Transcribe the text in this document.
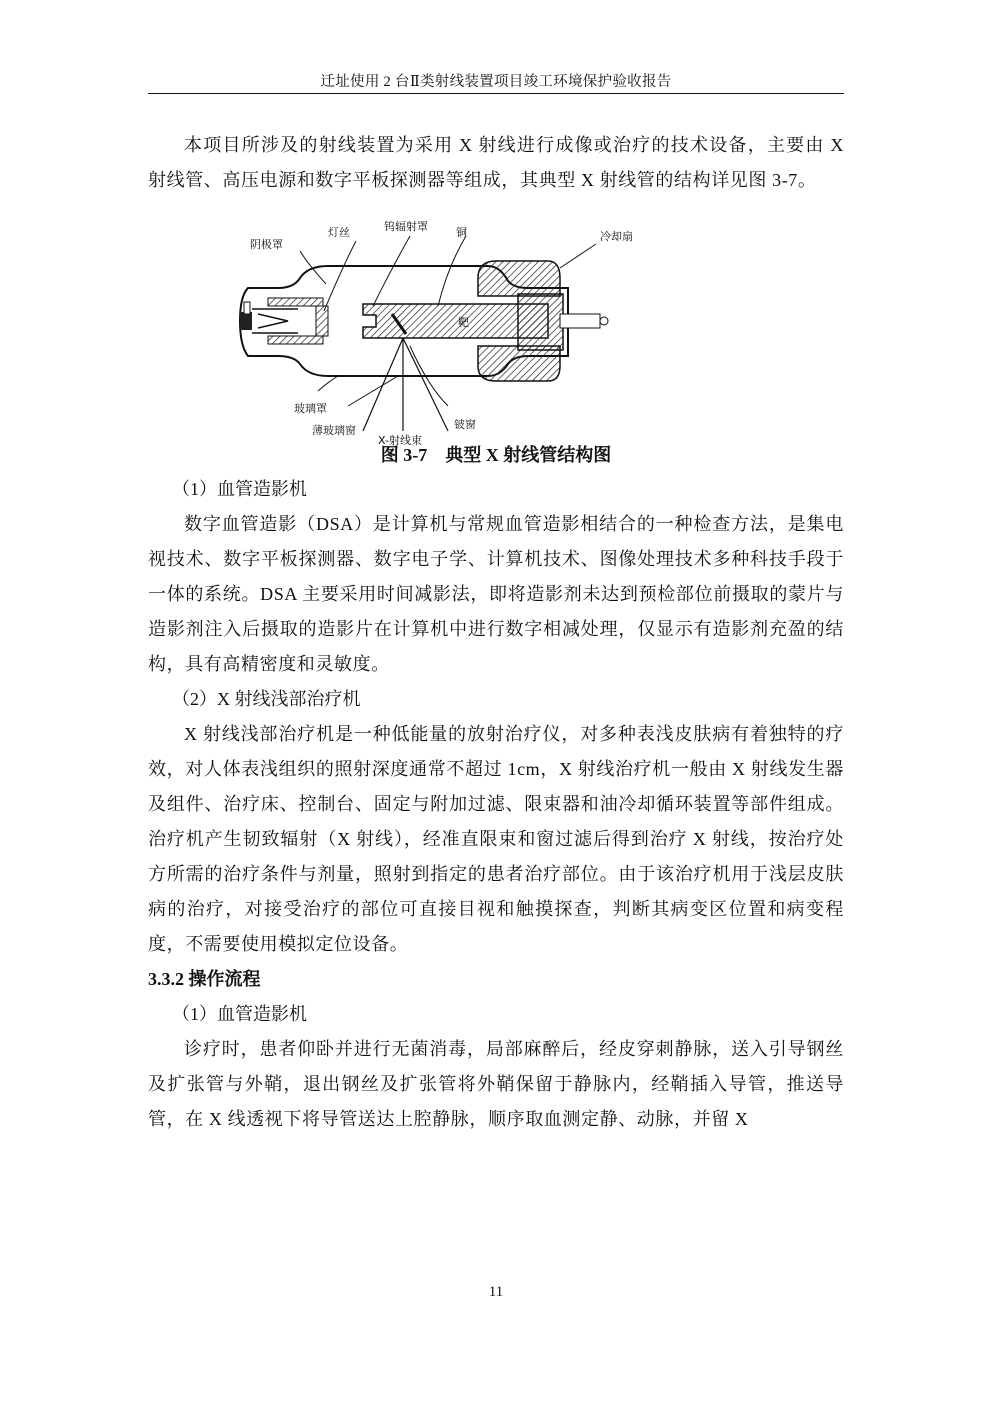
迁址使用 2 台Ⅱ类射线装置项目竣工环境保护验收报告

本项目所涉及的射线装置为采用 X 射线进行成像或治疗的技术设备，主要由 X 射线管、高压电源和数字平板探测器等组成，其典型 X 射线管的结构详见图 3-7。

靶
阴极罩
灯丝	钨辐射罩	铜	冷却扇
玻璃罩
薄玻璃窗
X-射线束
铍窗

图 3-7　典型 X 射线管结构图

（1）血管造影机

数字血管造影（DSA）是计算机与常规血管造影相结合的一种检查方法，是集电视技术、数字平板探测器、数字电子学、计算机技术、图像处理技术多种科技手段于一体的系统。DSA 主要采用时间减影法，即将造影剂未达到预检部位前摄取的蒙片与造影剂注入后摄取的造影片在计算机中进行数字相减处理，仅显示有造影剂充盈的结构，具有高精密度和灵敏度。

（2）X 射线浅部治疗机

X 射线浅部治疗机是一种低能量的放射治疗仪，对多种表浅皮肤病有着独特的疗效，对人体表浅组织的照射深度通常不超过 1cm，X 射线治疗机一般由 X 射线发生器及组件、治疗床、控制台、固定与附加过滤、限束器和油冷却循环装置等部件组成。治疗机产生韧致辐射（X 射线），经准直限束和窗过滤后得到治疗 X 射线，按治疗处方所需的治疗条件与剂量，照射到指定的患者治疗部位。由于该治疗机用于浅层皮肤病的治疗，对接受治疗的部位可直接目视和触摸探查，判断其病变区位置和病变程度，不需要使用模拟定位设备。

3.3.2 操作流程

（1）血管造影机

诊疗时，患者仰卧并进行无菌消毒，局部麻醉后，经皮穿刺静脉，送入引导钢丝及扩张管与外鞘，退出钢丝及扩张管将外鞘保留于静脉内，经鞘插入导管，推送导管，在 X 线透视下将导管送达上腔静脉，顺序取血测定静、动脉，并留 X

11
